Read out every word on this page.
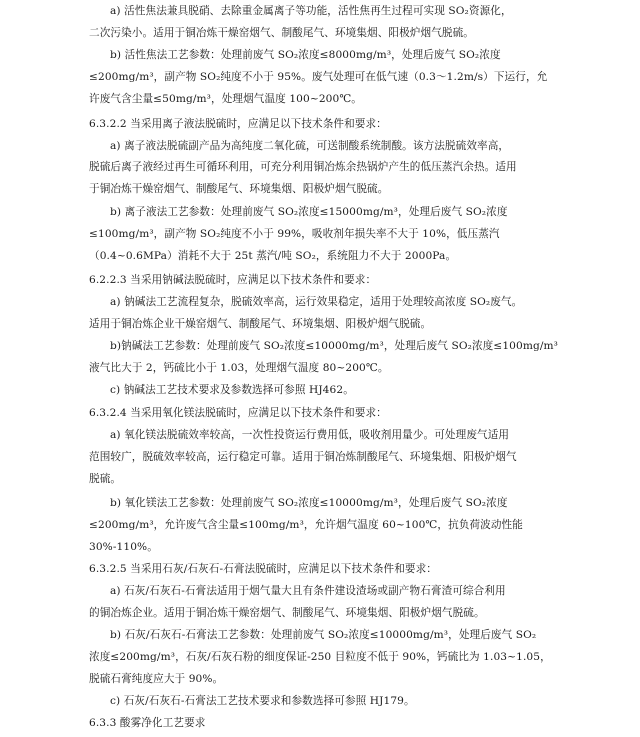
a) 活性焦法兼具脱硝、去除重金属离子等功能，活性焦再生过程可实现 SO₂资源化，
二次污染小。适用于铜冶炼干燥窑烟气、制酸尾气、环境集烟、阳极炉烟气脱硫。
b) 活性焦法工艺参数：处理前废气 SO₂浓度≤8000mg/m³，处理后废气 SO₂浓度
≤200mg/m³，副产物 SO₂纯度不小于 95%。废气处理可在低气速（0.3～1.2m/s）下运行，允
许废气含尘量≤50mg/m³，处理烟气温度 100~200℃。
6.3.2.2 当采用离子液法脱硫时，应满足以下技术条件和要求：
a) 离子液法脱硫副产品为高纯度二氧化硫，可送制酸系统制酸。该方法脱硫效率高，
脱硫后离子液经过再生可循环利用，可充分利用铜冶炼余热锅炉产生的低压蒸汽余热。适用
于铜冶炼干燥窑烟气、制酸尾气、环境集烟、阳极炉烟气脱硫。
b) 离子液法工艺参数：处理前废气 SO₂浓度≤15000mg/m³，处理后废气 SO₂浓度
≤100mg/m³，副产物 SO₂纯度不小于 99%，吸收剂年损失率不大于 10%，低压蒸汽
（0.4~0.6MPa）消耗不大于 25t 蒸汽/吨 SO₂，系统阻力不大于 2000Pa。
6.2.2.3 当采用钠碱法脱硫时，应满足以下技术条件和要求：
a) 钠碱法工艺流程复杂，脱硫效率高，运行效果稳定，适用于处理较高浓度 SO₂废气。
适用于铜冶炼企业干燥窑烟气、制酸尾气、环境集烟、阳极炉烟气脱硫。
b)钠碱法工艺参数：处理前废气 SO₂浓度≤10000mg/m³，处理后废气 SO₂浓度≤100mg/m³
液气比大于 2，钙硫比小于 1.03，处理烟气温度 80~200℃。
c) 钠碱法工艺技术要求及参数选择可参照 HJ462。
6.3.2.4 当采用氧化镁法脱硫时，应满足以下技术条件和要求：
a) 氧化镁法脱硫效率较高，一次性投资运行费用低，吸收剂用量少。可处理废气适用
范围较广，脱硫效率较高，运行稳定可靠。适用于铜冶炼制酸尾气、环境集烟、阳极炉烟气
脱硫。
b) 氧化镁法工艺参数：处理前废气 SO₂浓度≤10000mg/m³，处理后废气 SO₂浓度
≤200mg/m³，允许废气含尘量≤100mg/m³，允许烟气温度 60~100℃，抗负荷波动性能
30%-110%。
6.3.2.5 当采用石灰/石灰石-石膏法脱硫时，应满足以下技术条件和要求：
a) 石灰/石灰石-石膏法适用于烟气量大且有条件建设渣场或副产物石膏渣可综合利用
的铜冶炼企业。适用于铜冶炼干燥窑烟气、制酸尾气、环境集烟、阳极炉烟气脱硫。
b) 石灰/石灰石-石膏法工艺参数：处理前废气 SO₂浓度≤10000mg/m³，处理后废气 SO₂
浓度≤200mg/m³，石灰/石灰石粉的细度保证-250 目粒度不低于 90%，钙硫比为 1.03~1.05，
脱硫石膏纯度应大于 90%。
c) 石灰/石灰石-石膏法工艺技术要求和参数选择可参照 HJ179。
6.3.3 酸雾净化工艺要求
